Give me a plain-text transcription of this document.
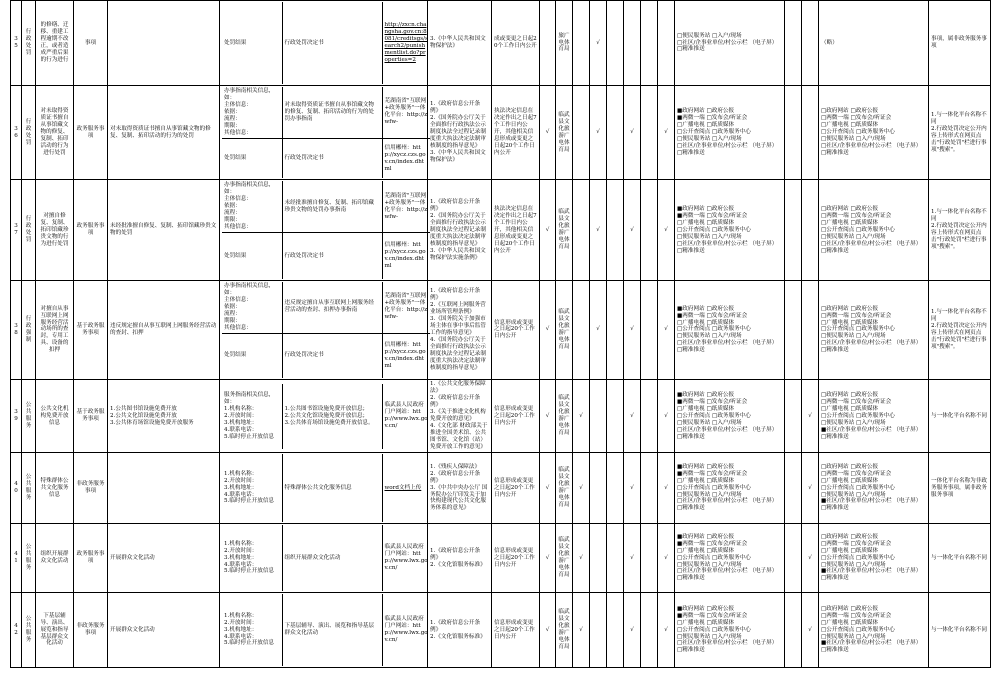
35	行政处罚	的修缮、迁移、重建工程逾期不改正，或者造成严重后果的行为进行	事项			处罚结果	行政处罚决定书	http://zxcn.changsha.gov.cn:8081/creditsgs/search2/punishmentlist.do?properties=2
	3.《中华人民共和国文物保护法》	成或变更之日起20个工作日内公开		旅广电体育局		√					□便民服务站 □入户/现场
□社区/企事业单位/村公示栏 （电子屏）
□精准推送			（略）	事项，属非政务服务事项
36	行政处罚	对未取得资质证书擅自从事馆藏文物的修复、复制、拓印活动的行为进行处罚	政务服务事项	对未取得资质证书擅自从事馆藏文物的修复、复制、拓印活动的行为的处罚	
办事指南相关信息，如：
主体信息：
依据：
流程：
期限：
其他信息：	对未取得资质证书擅自从事馆藏文物的修复、复制、拓印活动的行为的处罚办事指南	芜湖南省"互联网+政务服务"一体化平台：http://zwfw-
处罚结果	行政处罚决定书	信用郴州：http://xycz.czs.gov.cn/index.dhtml
	1.《政府信息公开条例》
2.《国务院办公厅关于全面推行行政执法公示制度执法全过程记录制度重大执法决定法制审核制度的指导意见》
3.《中华人民共和国文物保护法》	执法决定信息在决定作出之日起7个工作日内公开，其他相关信息形成或变更之日起20个工作日内公开	√	临武县文化旅游广电体育局		√		√		√	■政府网站 □政府公报
■两微一端 □发布会/听证会
□广播电视 □纸质媒体
□公开查阅点 □政务服务中心
□便民服务站 □入户/现场
□社区/企事业单位/村公示栏 （电子屏）
□精准推送			□政府网站 □政府公报
□两微一端 □发布会/听证会
□广播电视 □纸质媒体
□公开查阅点 □政务服务中心
□便民服务站 □入户/现场
□社区/企事业单位/村公示栏 （电子屏）
□精准推送	1.与一体化平台名称不同
2.行政处罚决定公开内容上传形式在网页点击"行政处罚"栏进行事项"搜索"。
37	行政处罚	对擅自修复、复制、拓印馆藏珍贵文物的行为进行处罚	政务服务事项	未经批准擅自修复、复制、拓印馆藏珍贵文物的处罚	
办事指南相关信息，如：
主体信息：
依据：
流程：
期限：
其他信息：	未经批准擅自修复、复制、拓印馆藏珍贵文物的处罚办事指南	芜湖南省"互联网+政务服务"一体化平台：http://zwfw-
处罚结果	行政处罚决定书	信用郴州：http://xycz.czs.gov.cn/index.dhtml
	1.《政府信息公开条例》
2.《国务院办公厅关于全面推行行政执法公示制度执法全过程记录制度重大执法决定法制审核制度的指导意见》
3.《中华人民共和国文物保护法实施条例》	执法决定信息在决定作出之日起7个工作日内公开，其他相关信息形成或变更之日起20个工作日内公开	√	临武县文化旅游广电体育局		√		√		√	■政府网站 □政府公报
■两微一端 □发布会/听证会
□广播电视 □纸质媒体
□公开查阅点 □政务服务中心
□便民服务站 □入户/现场
□社区/企事业单位/村公示栏 （电子屏）
□精准推送			□政府网站 □政府公报
□两微一端 □发布会/听证会
□广播电视 □纸质媒体
□公开查阅点 □政务服务中心
□便民服务站 □入户/现场
□社区/企事业单位/村公示栏 （电子屏）
□精准推送	1.与一体化平台名称不同
2.行政处罚决定公开内容上传形式在网页点击"行政处罚"栏进行事项"搜索"。
38	行政强制	对擅自从事互联网上网服务经营活动场所的查封，专用工具、设备的扣押	基于政务服务事项	违反规定擅自从事互联网上网服务经营活动的查封、扣押	
办事指南相关信息，如：
主体信息：
依据：
流程：
期限：
其他信息：	违反规定擅自从事互联网上网服务经营活动的查封、扣押办事指南	芜湖南省"互联网+政务服务"一体化平台：http://zwfw-
处罚结果	行政处罚决定书	信用郴州：http://xycz.czs.gov.cn/index.dhtml
	1.《政府信息公开条例》
2.《互联网上网服务营业场所管理条例》
3.《国务院关于加强市场主体在事中事后监管工作的指导意见》
4.《国务院办公厅关于全面推行行政执法公示制度执法全过程记录制度重大执法决定法制审核制度的指导意见》	信息形成或变更之日起20个工作日内公开	√	临武县文化旅游广电体育局		√		√		√	■政府网站 □政府公报
■两微一端 □发布会/听证会
□广播电视 □纸质媒体
□公开查阅点 □政务服务中心
□便民服务站 □入户/现场
□社区/企事业单位/村公示栏 （电子屏）
□精准推送			□政府网站 □政府公报
□两微一端 □发布会/听证会
□广播电视 □纸质媒体
□公开查阅点 □政务服务中心
□便民服务站 □入户/现场
□社区/企事业单位/村公示栏 （电子屏）
□精准推送	1.与一体化平台名称不同
2.行政处罚决定公开内容上传形式在网页点击"行政处罚"栏进行事项"搜索"。
39	公共服务	公共文化机构免费开放信息	基于政务服务事项	1.公共图书馆设施免费开放
2.公共文化馆设施免费开放
3.公共体育场馆设施免费开放服务	
服务指南相关信息，如：
1.机构名称：
2.开放时间：
3.机构地址：
4.联系电话：
5.临时停止开放信息	1.公共图书馆设施免费开放信息；
2.公共文化馆设施免费开放信息；
3.公共体育场馆设施免费开放信息。	临武县人民政府门户网站：http://www.lwx.gov.cn/
	1.《公共文化服务保障法》
2.《政府信息公开条例》
3.《关于推进文化机构免费开放的意见》
4.《文化部 财政部关于推进全国美术馆、公共图书馆、文化馆（站）免费开放工作的意见》	信息形成或变更之日起20个工作日内公开	√	临武县文化旅游广电体育局	√			√		√	■政府网站 □政府公报
■两微一端 □发布会/听证会
□广播电视 □纸质媒体
□公开查阅点 □政务服务中心
□便民服务站 □入户/现场
□社区/企事业单位/村公示栏 （电子屏）
□精准推送		√	□政府网站 □政府公报
□两微一端 □发布会/听证会
□广播电视 □纸质媒体
□公开查阅点 □政务服务中心
□便民服务站 □入户/现场
■社区/企事业单位/村公示栏 （电子屏）
□精准推送	与一体化平台名称不同
40	公共服务	特殊群体公共文化服务信息	非政务服务事项		
1.机构名称：
2.开放时间：
3.机构地址：
4.联系电话：
5.临时停止开放信息	特殊群体公共文化服务信息	word文档上传
	1.《残疾人保障法》
2.《政府信息公开条例》
3.《中共中央办公厅 国务院办公厅印发关于加快构建现代公共文化服务体系的意见》	信息形成或变更之日起20个工作日内公开	√	临武县文化旅游广电体育局	√			√		√	■政府网站 □政府公报
■两微一端 □发布会/听证会
□广播电视 □纸质媒体
□公开查阅点 □政务服务中心
□便民服务站 □入户/现场
□社区/企事业单位/村公示栏 （电子屏）
□精准推送		√	□政府网站 □政府公报
□两微一端 □发布会/听证会
□广播电视 □纸质媒体
□公开查阅点 □政务服务中心
□便民服务站 □入户/现场
■社区/企事业单位/村公示栏 （电子屏）
□精准推送	一体化平台名称为非政务服务事项，属非政务服务事项
41	公共服务	组织开展群众文化活动	政务服务事项	开展群众文化活动	
1.机构名称：
2.开放时间：
3.机构地址：
4.联系电话：
5.临时停止开放信息	组织开展群众文化活动	临武县人民政府门户网站：http://www.lwx.gov.cn/
	1.《政府信息公开条例》
2.《文化馆服务标准》	信息形成或变更之日起20个工作日内公开	√	临武县文化旅游广电体育局	√			√		√	■政府网站 □政府公报
■两微一端 □发布会/听证会
□广播电视 □纸质媒体
□公开查阅点 □政务服务中心
□便民服务站 □入户/现场
□社区/企事业单位/村公示栏 （电子屏）
□精准推送		√	□政府网站 □政府公报
□两微一端 □发布会/听证会
□广播电视 □纸质媒体
□公开查阅点 □政务服务中心
□便民服务站 □入户/现场
■社区/企事业单位/村公示栏 （电子屏）
□精准推送	与一体化平台名称不同
42	公共服务	下基层辅导、演出、展览和指导基层群众文化活动	非政务服务事项	开展群众文化活动	
1.机构名称：
2.开放时间：
3.机构地址：
4.联系电话：
5.临时停止开放信息	下基层辅导、演出、展览和指导基层群众文化活动	临武县人民政府门户网站：http://www.lwx.gov.cn/
	1.《政府信息公开条例》
2.《文化馆服务标准》	信息形成或变更之日起20个工作日内公开	√	临武县文化旅游广电体育局	√			√		√	■政府网站 □政府公报
■两微一端 □发布会/听证会
□广播电视 □纸质媒体
□公开查阅点 □政务服务中心
□便民服务站 □入户/现场
□社区/企事业单位/村公示栏 （电子屏）
□精准推送		√	□政府网站 □政府公报
□两微一端 □发布会/听证会
□广播电视 □纸质媒体
□公开查阅点 □政务服务中心
□便民服务站 □入户/现场
■社区/企事业单位/村公示栏 （电子屏）
□精准推送	与一体化平台名称不同
